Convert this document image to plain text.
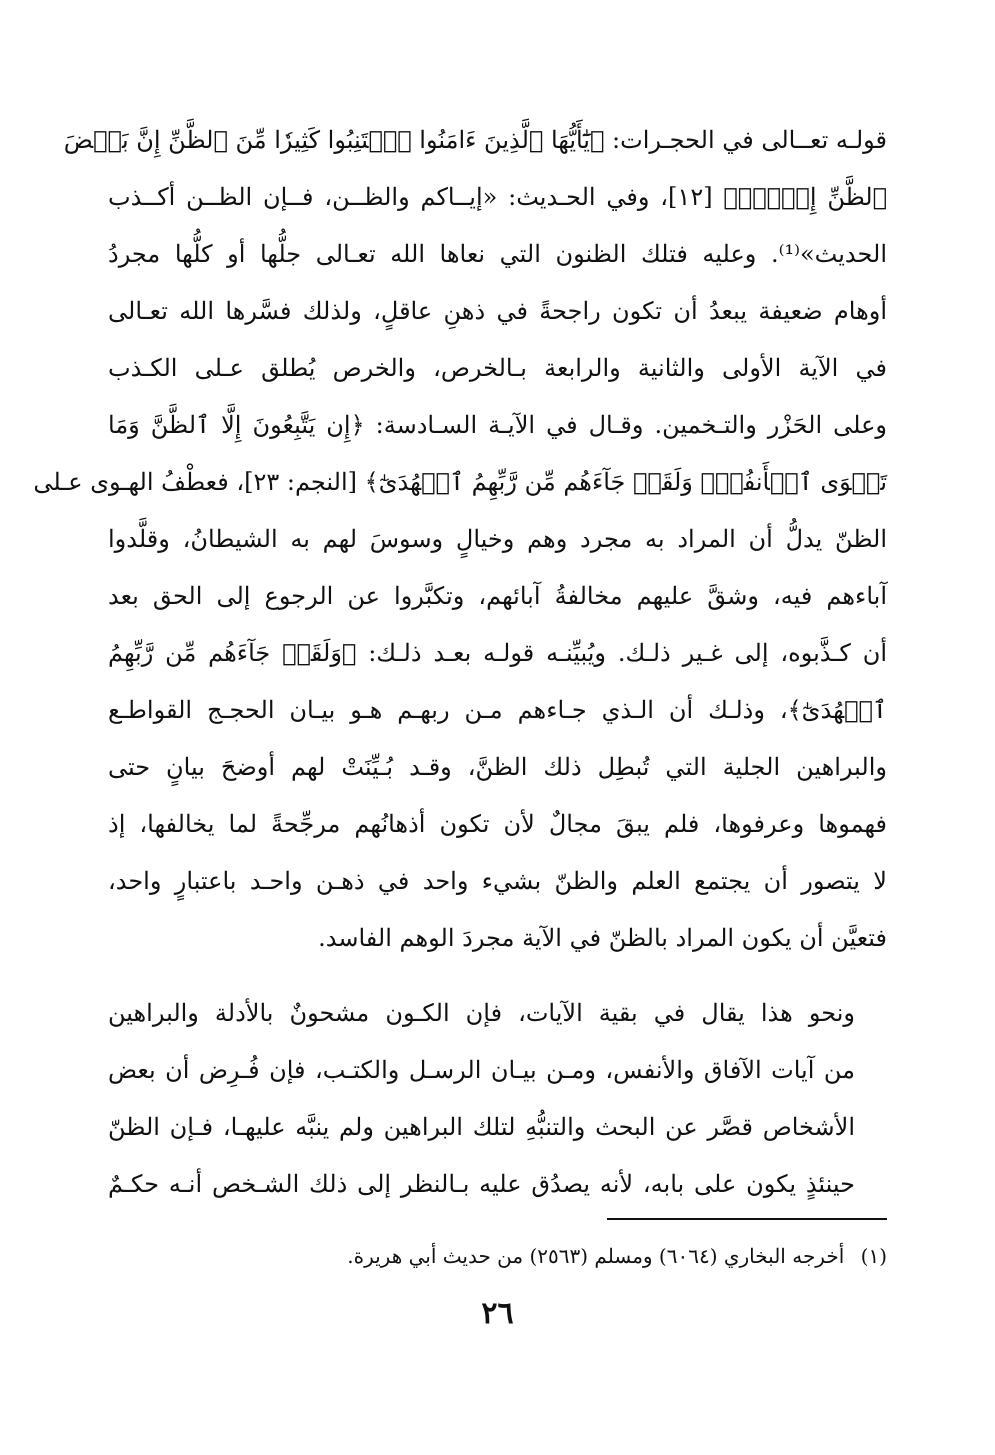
قولـه تعــالى في الحجـرات: ﴿يَٰٓأَيُّهَا ٱلَّذِينَ ءَامَنُوا ٱجۡتَنِبُوا كَثِيرٗا مِّنَ ٱلظَّنِّ إِنَّ بَعۡضَ
ٱلظَّنِّ إِثۡمٞۖ﴾ [١٢]، وفي الحـديث: «إيــاكم والظــن، فــإن الظــن أكــذب
الحديث»⁽¹⁾. وعليه فتلك الظنون التي نعاها الله تعـالى جلُّها أو كلُّها مجردُ
أوهام ضعيفة يبعدُ أن تكون راجحةً في ذهنِ عاقلٍ، ولذلك فسَّرها الله تعـالى
في الآية الأولى والثانية والرابعة بـالخرص، والخرص يُطلق عـلى الكـذب
وعلى الحَزْر والتـخمين. وقـال في الآيـة السـادسة: ﴿إِن يَتَّبِعُونَ إِلَّا ٱلظَّنَّ وَمَا
تَهۡوَى ٱلۡأَنفُسُۖ وَلَقَدۡ جَآءَهُم مِّن رَّبِّهِمُ ٱلۡهُدَىٰٓ﴾ [النجم: ٢٣]، فعطْفُ الهـوى عـلى
الظنّ يدلُّ أن المراد به مجرد وهم وخيالٍ وسوسَ لهم به الشيطانُ، وقلَّدوا
آباءهم فيه، وشقَّ عليهم مخالفةُ آبائهم، وتكبَّروا عن الرجوع إلى الحق بعد
أن كـذَّبوه، إلى غـير ذلـك. ويُبيِّنـه قولـه بعـد ذلـك: ﴿وَلَقَدۡ جَآءَهُم مِّن رَّبِّهِمُ
ٱلۡهُدَىٰٓ﴾، وذلـك أن الـذي جـاءهم مـن ربهـم هـو بيـان الحجـج القواطـع
والبراهين الجلية التي تُبطِل ذلك الظنَّ، وقـد بُـيِّنَتْ لهم أوضحَ بيانٍ حتى
فهموها وعرفوها، فلم يبقَ مجالٌ لأن تكون أذهانُهم مرجِّحةً لما يخالفها، إذ
لا يتصور أن يجتمع العلم والظنّ بشيء واحد في ذهـن واحـد باعتبارٍ واحد،
فتعيَّن أن يكون المراد بالظنّ في الآية مجردَ الوهم الفاسد.

ونحو هذا يقال في بقية الآيات، فإن الكـون مشحونٌ بالأدلة والبراهين
من آيات الآفاق والأنفس، ومـن بيـان الرسـل والكتـب، فإن فُـرِض أن بعض
الأشخاص قصَّر عن البحث والتنبُّهِ لتلك البراهين ولم ينبَّه عليهـا، فـإن الظنّ
حينئذٍ يكون على بابه، لأنه يصدُق عليه بـالنظر إلى ذلك الشـخص أنـه حكـمٌ

(١) أخرجه البخاري (٦٠٦٤) ومسلم (٢٥٦٣) من حديث أبي هريرة.
٢٦
